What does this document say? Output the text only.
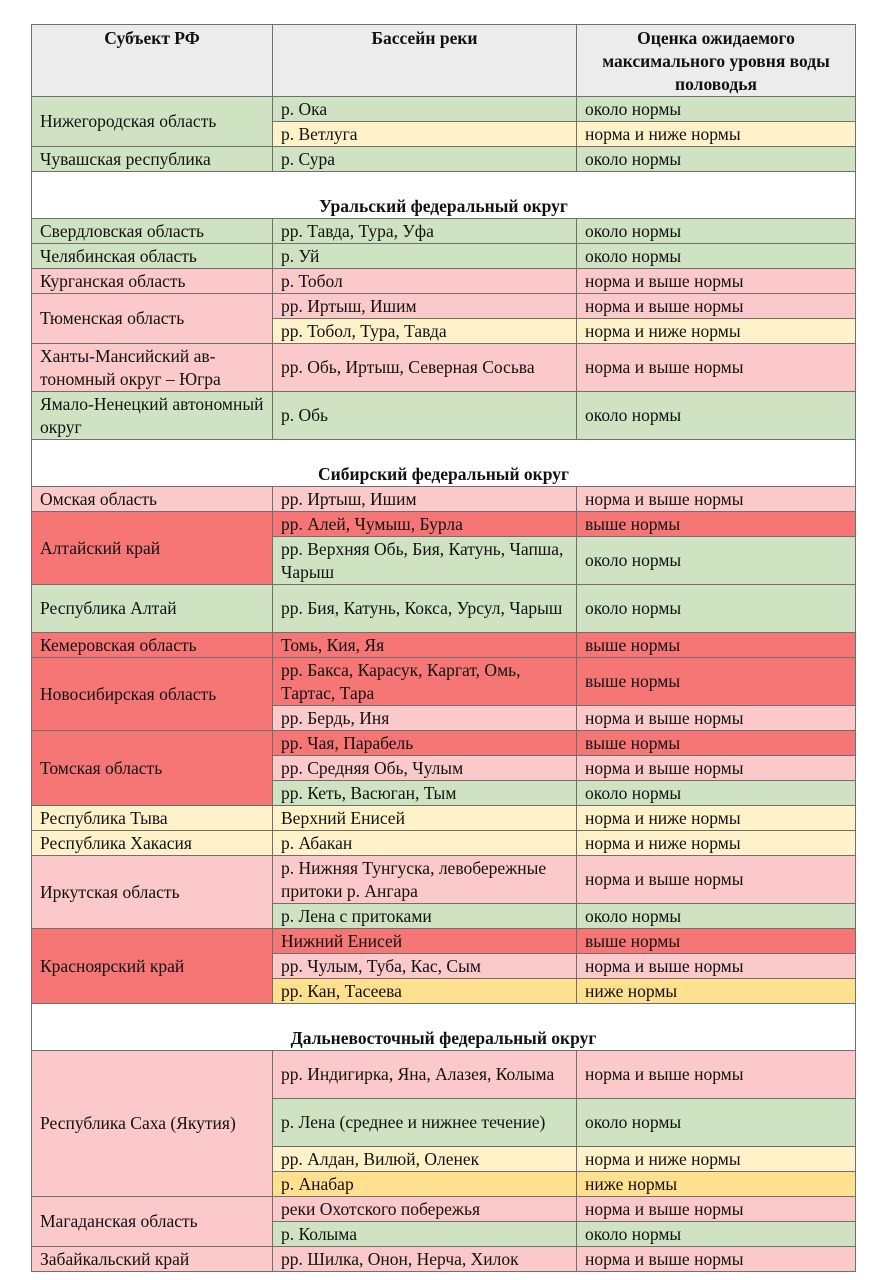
Субъект РФ	Бассейн реки	Оценка ожидаемого максимального уровня воды половодья
Нижегородская область	р. Ока	около нормы
	р. Ветлуга	норма и ниже нормы
Чувашская республика	р. Сура	около нормы
Уральский федеральный округ		
Свердловская область	рр. Тавда, Тура, Уфа	около нормы
Челябинская область	р. Уй	около нормы
Курганская область	р. Тобол	норма и выше нормы
Тюменская область	рр. Иртыш, Ишим	норма и выше нормы
	рр. Тобол, Тура, Тавда	норма и ниже нормы
Ханты-Мансийский автономный округ – Югра	рр. Обь, Иртыш, Северная Сосьва	норма и выше нормы
Ямало-Ненецкий автономный округ	р. Обь	около нормы
Сибирский федеральный округ		
Омская область	рр. Иртыш, Ишим	норма и выше нормы
Алтайский край	рр. Алей, Чумыш, Бурла	выше нормы
	рр. Верхняя Обь, Бия, Катунь, Чапша, Чарыш	около нормы
Республика Алтай	рр. Бия, Катунь, Кокса, Урсул, Чарыш	около нормы
Кемеровская область	Томь, Кия, Яя	выше нормы
Новосибирская область	рр. Бакса, Карасук, Каргат, Омь, Тартас, Тара	выше нормы
	рр. Бердь, Иня	норма и выше нормы
Томская область	рр. Чая, Парабель	выше нормы
	рр. Средняя Обь, Чулым	норма и выше нормы
	рр. Кеть, Васюган, Тым	около нормы
Республика Тыва	Верхний Енисей	норма и ниже нормы
Республика Хакасия	р. Абакан	норма и ниже нормы
Иркутская область	р. Нижняя Тунгуска, левобережные притоки р. Ангара	норма и выше нормы
	р. Лена с притоками	около нормы
Красноярский край	Нижний Енисей	выше нормы
	рр. Чулым, Туба, Кас, Сым	норма и выше нормы
	рр. Кан, Тасеева	ниже нормы
Дальневосточный федеральный округ		
Республика Саха (Якутия)	рр. Индигирка, Яна, Алазея, Колыма	норма и выше нормы
	р. Лена (среднее и нижнее течение)	около нормы
	рр. Алдан, Вилюй, Оленек	норма и ниже нормы
	р. Анабар	ниже нормы
Магаданская область	реки Охотского побережья	норма и выше нормы
	р. Колыма	около нормы
Забайкальский край	рр. Шилка, Онон, Нерча, Хилок	норма и выше нормы
